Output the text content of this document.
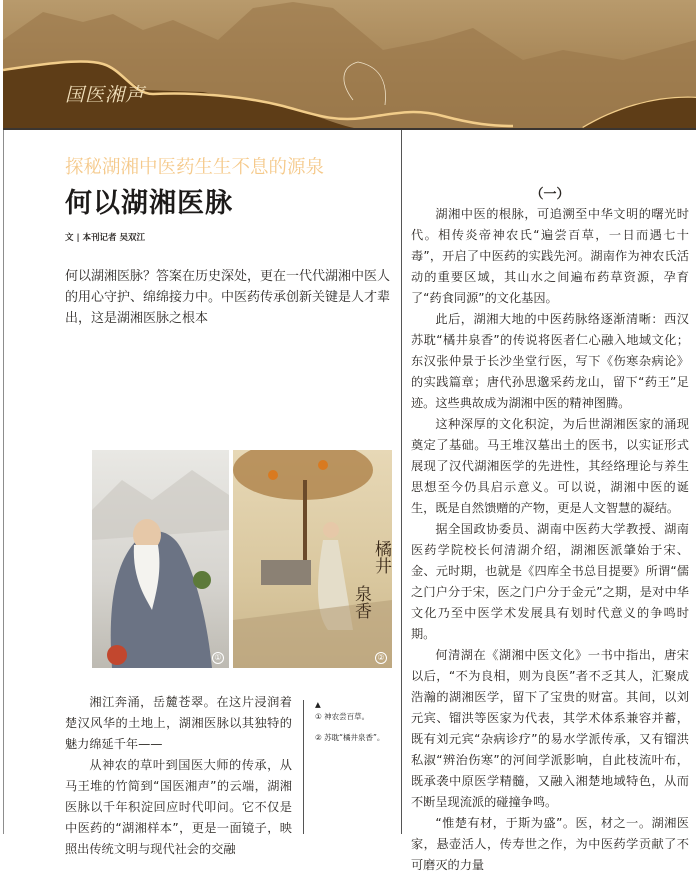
国医湘声
探秘湖湘中医药生生不息的源泉
何以湖湘医脉
文 | 本刊记者 吴双江
何以湖湘医脉？答案在历史深处，更在一代代湖湘中医人的用心守护、绵绵接力中。中医药传承创新关键是人才辈出，这是湖湘医脉之根本
①
橘井
泉香
②
▲
① 神农尝百草。
② 苏耽“橘井泉香”。

湘江奔涌，岳麓苍翠。在这片浸润着楚汉风华的土地上，湖湘医脉以其独特的魅力绵延千年——

从神农的草叶到国医大师的传承，从马王堆的竹简到“国医湘声”的云端，湖湘医脉以千年积淀回应时代叩问。它不仅是中医药的“湖湘样本”，更是一面镜子，映照出传统文明与现代社会的交融

（一）

湖湘中医的根脉，可追溯至中华文明的曙光时代。相传炎帝神农氏“遍尝百草，一日而遇七十毒”，开启了中医药的实践先河。湖南作为神农氏活动的重要区域，其山水之间遍布药草资源，孕育了“药食同源”的文化基因。

此后，湖湘大地的中医药脉络逐渐清晰：西汉苏耽“橘井泉香”的传说将医者仁心融入地域文化；东汉张仲景于长沙坐堂行医，写下《伤寒杂病论》的实践篇章；唐代孙思邈采药龙山，留下“药王”足迹。这些典故成为湖湘中医的精神图腾。

这种深厚的文化积淀，为后世湖湘医家的涌现奠定了基础。马王堆汉墓出土的医书，以实证形式展现了汉代湖湘医学的先进性，其经络理论与养生思想至今仍具启示意义。可以说，湖湘中医的诞生，既是自然馈赠的产物，更是人文智慧的凝结。

据全国政协委员、湖南中医药大学教授、湖南医药学院校长何清湖介绍，湖湘医派肇始于宋、金、元时期，也就是《四库全书总目提要》所谓“儒之门户分于宋，医之门户分于金元”之期，是对中华文化乃至中医学术发展具有划时代意义的争鸣时期。

何清湖在《湖湘中医文化》一书中指出，唐宋以后，“不为良相，则为良医”者不乏其人，汇聚成浩瀚的湖湘医学，留下了宝贵的财富。其间，以刘元宾、镏洪等医家为代表，其学术体系兼容并蓄，既有刘元宾“杂病诊疗”的易水学派传承，又有镏洪私淑“辨治伤寒”的河间学派影响，自此枝流叶布，既承袭中原医学精髓，又融入湘楚地域特色，从而不断呈现流派的碰撞争鸣。

“惟楚有材，于斯为盛”。医，材之一。湖湘医家，悬壶活人，传寿世之作，为中医药学贡献了不可磨灭的力量
